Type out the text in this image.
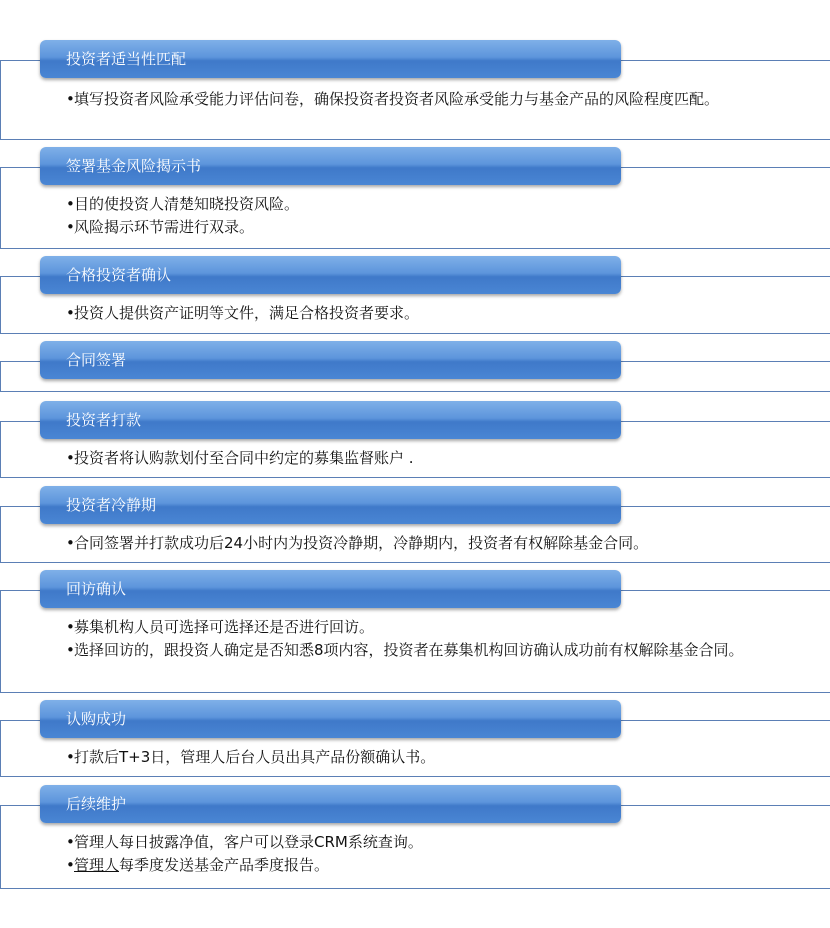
投资者适当性匹配
• 填写投资者风险承受能力评估问卷，确保投资者投资者风险承受能力与基金产品的风险程度匹配。
签署基金风险揭示书
• 目的使投资人清楚知晓投资风险。
• 风险揭示环节需进行双录。
合格投资者确认
• 投资人提供资产证明等文件，满足合格投资者要求。
合同签署
投资者打款
• 投资者将认购款划付至合同中约定的募集监督账户 .
投资者冷静期
• 合同签署并打款成功后24小时内为投资冷静期，冷静期内，投资者有权解除基金合同。
回访确认
• 募集机构人员可选择可选择还是否进行回访。
• 选择回访的，跟投资人确定是否知悉8项内容，投资者在募集机构回访确认成功前有权解除基金合同。
认购成功
• 打款后T+3日，管理人后台人员出具产品份额确认书。
后续维护
• 管理人每日披露净值，客户可以登录CRM系统查询。
• 管理人每季度发送基金产品季度报告。
